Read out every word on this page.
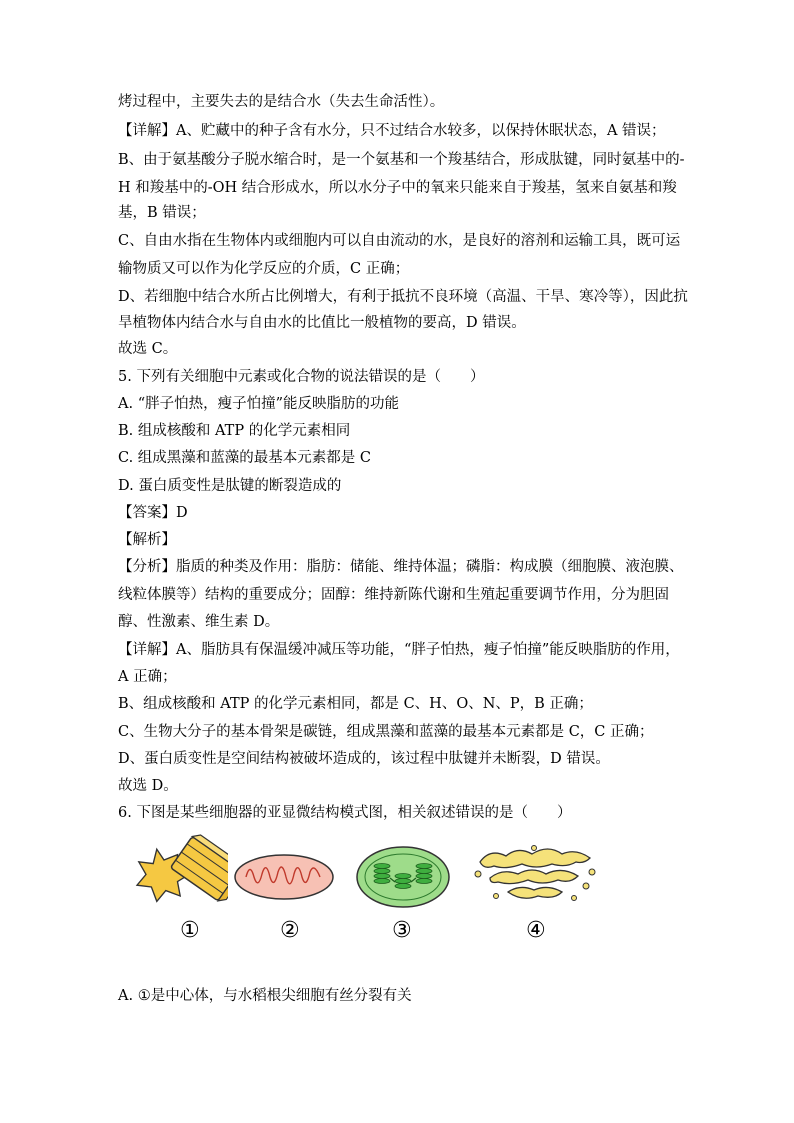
烤过程中，主要失去的是结合水（失去生命活性）。
【详解】A、贮藏中的种子含有水分，只不过结合水较多，以保持休眠状态，A 错误；
B、由于氨基酸分子脱水缩合时，是一个氨基和一个羧基结合，形成肽键，同时氨基中的-
H 和羧基中的-OH 结合形成水，所以水分子中的氧来只能来自于羧基，氢来自氨基和羧
基，B 错误；
C、自由水指在生物体内或细胞内可以自由流动的水，是良好的溶剂和运输工具，既可运
输物质又可以作为化学反应的介质，C 正确；
D、若细胞中结合水所占比例增大，有利于抵抗不良环境（高温、干旱、寒冷等），因此抗
旱植物体内结合水与自由水的比值比一般植物的要高，D 错误。
故选 C。
5. 下列有关细胞中元素或化合物的说法错误的是（　　）
A. “胖子怕热，瘦子怕撞”能反映脂肪的功能
B. 组成核酸和 ATP 的化学元素相同
C. 组成黑藻和蓝藻的最基本元素都是 C
D. 蛋白质变性是肽键的断裂造成的
【答案】D
【解析】
【分析】脂质的种类及作用：脂肪：储能、维持体温；磷脂：构成膜（细胞膜、液泡膜、
线粒体膜等）结构的重要成分；固醇：维持新陈代谢和生殖起重要调节作用，分为胆固
醇、性激素、维生素 D。
【详解】A、脂肪具有保温缓冲减压等功能，“胖子怕热，瘦子怕撞”能反映脂肪的作用，
A 正确；
B、组成核酸和 ATP 的化学元素相同，都是 C、H、O、N、P，B 正确；
C、生物大分子的基本骨架是碳链，组成黑藻和蓝藻的最基本元素都是 C，C 正确；
D、蛋白质变性是空间结构被破坏造成的，该过程中肽键并未断裂，D 错误。
故选 D。
6. 下图是某些细胞器的亚显微结构模式图，相关叙述错误的是（　　）
①	②	③	④
A. ①是中心体，与水稻根尖细胞有丝分裂有关
